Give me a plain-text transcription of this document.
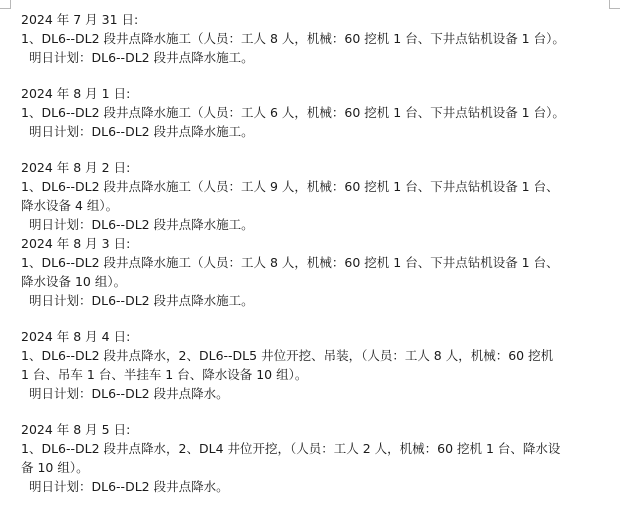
2024 年 7 月 31 日:
1、DL6--DL2 段井点降水施工（人员：工人 8 人，机械：60 挖机 1 台、下井点钻机设备 1 台）。
明日计划：DL6--DL2 段井点降水施工。
2024 年 8 月 1 日:
1、DL6--DL2 段井点降水施工（人员：工人 6 人，机械：60 挖机 1 台、下井点钻机设备 1 台）。
明日计划：DL6--DL2 段井点降水施工。
2024 年 8 月 2 日:
1、DL6--DL2 段井点降水施工（人员：工人 9 人，机械：60 挖机 1 台、下井点钻机设备 1 台、
降水设备 4 组）。
明日计划：DL6--DL2 段井点降水施工。
2024 年 8 月 3 日:
1、DL6--DL2 段井点降水施工（人员：工人 8 人，机械：60 挖机 1 台、下井点钻机设备 1 台、
降水设备 10 组）。
明日计划：DL6--DL2 段井点降水施工。
2024 年 8 月 4 日:
1、DL6--DL2 段井点降水，2、DL6--DL5 井位开挖、吊装，（人员：工人 8 人，机械：60 挖机
1 台、吊车 1 台、半挂车 1 台、降水设备 10 组）。
明日计划：DL6--DL2 段井点降水。
2024 年 8 月 5 日:
1、DL6--DL2 段井点降水，2、DL4 井位开挖，（人员：工人 2 人，机械：60 挖机 1 台、降水设
备 10 组）。
明日计划：DL6--DL2 段井点降水。
